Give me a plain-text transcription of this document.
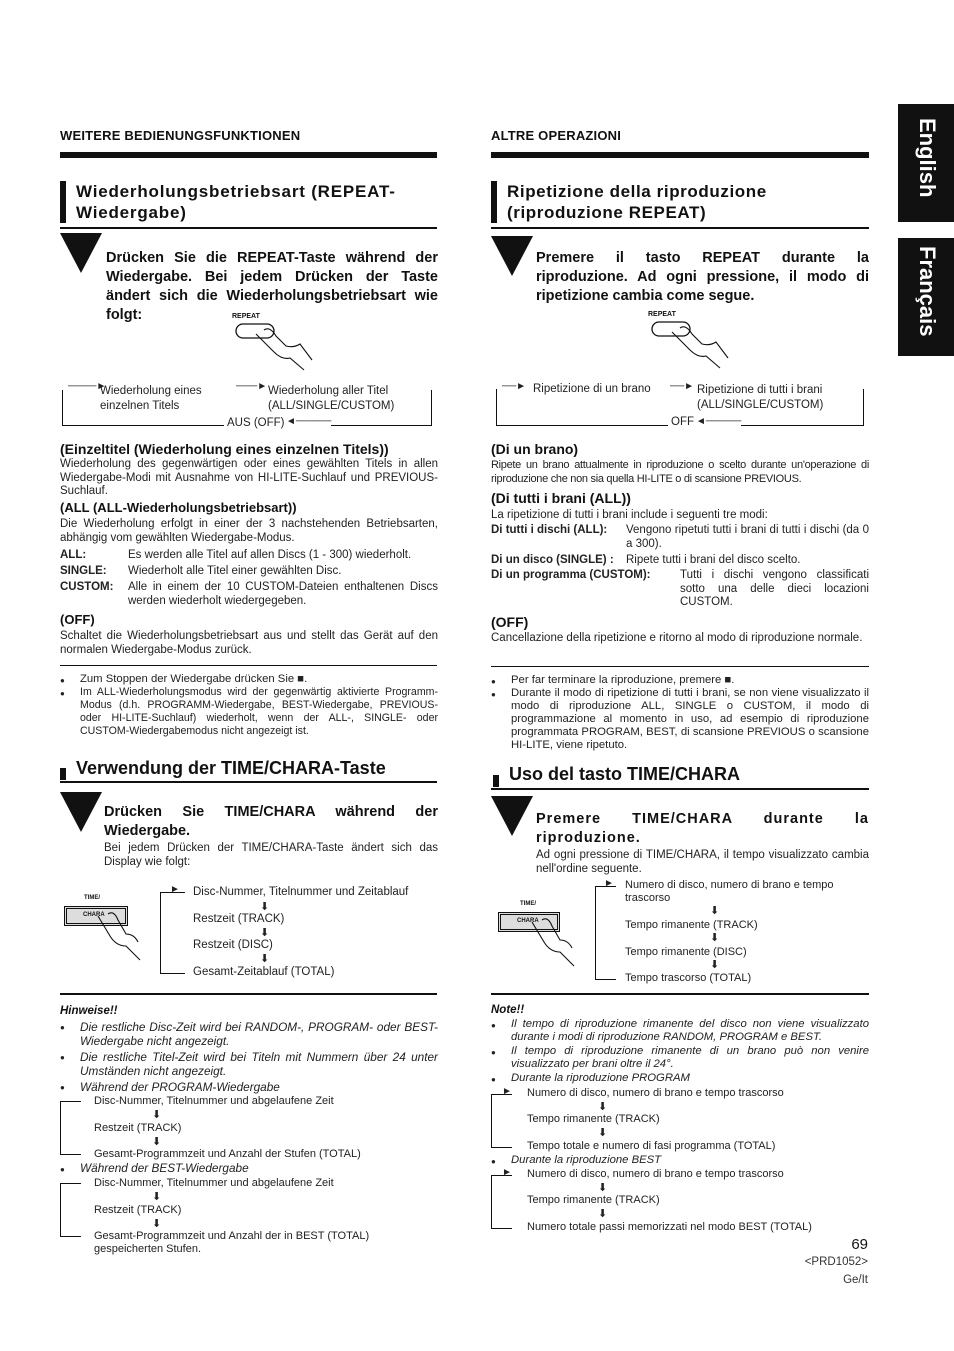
English
Français
WEITERE BEDIENUNGSFUNKTIONEN
Wiederholungsbetriebsart (REPEAT-Wiedergabe)
Drücken Sie die REPEAT-Taste während der Wiedergabe. Bei jedem Drücken der Taste ändert sich die Wiederholungsbetriebsart wie folgt:	REPEAT
Wiederholung eines einzelnen Titels
Wiederholung aller Titel (ALL/SINGLE/CUSTOM)
AUS (OFF)
────►	───►
◄─────
(Einzeltitel (Wiederholung eines einzelnen Titels))
Wiederholung des gegenwärtigen oder eines gewählten Titels in allen Wiedergabe-Modi mit Ausnahme von HI-LITE-Suchlauf und PREVIOUS-Suchlauf.
(ALL (ALL-Wiederholungsbetriebsart))
Die Wiederholung erfolgt in einer der 3 nachstehenden Betriebsarten, abhängig vom gewählten Wiedergabe-Modus.
ALL:	Es werden alle Titel auf allen Discs (1 - 300) wiederholt.
SINGLE: Wiederholt alle Titel einer gewählten Disc.
CUSTOM: Alle in einem der 10 CUSTOM-Dateien enthaltenen Discs werden wiederholt wiedergegeben.
(OFF)
Schaltet die Wiederholungsbetriebsart aus und stellt das Gerät auf den normalen Wiedergabe-Modus zurück.
● Zum Stoppen der Wiedergabe drücken Sie ■.
● Im ALL-Wiederholungsmodus wird der gegenwärtig aktivierte Programm-Modus (d.h. PROGRAMM-Wiedergabe, BEST-Wiedergabe, PREVIOUS-oder HI-LITE-Suchlauf) wiederholt, wenn der ALL-, SINGLE- oder CUSTOM-Wiedergabemodus nicht angezeigt ist.
Verwendung der TIME/CHARA-Taste
Drücken Sie TIME/CHARA während der Wiedergabe.
Bei jedem Drücken der TIME/CHARA-Taste ändert sich das Display wie folgt:
TIME/
CHARA
Disc-Nummer, Titelnummer und Zeitablauf
⬇
Restzeit (TRACK)
⬇
Restzeit (DISC)
⬇
Gesamt-Zeitablauf (TOTAL)
►
Hinweise!!
● Die restliche Disc-Zeit wird bei RANDOM-, PROGRAM- oder BEST-Wiedergabe nicht angezeigt.
● Die restliche Titel-Zeit wird bei Titeln mit Nummern über 24 unter Umständen nicht angezeigt.
● Während der PROGRAM-Wiedergabe
Disc-Nummer, Titelnummer und abgelaufene Zeit
⬇
Restzeit (TRACK)
⬇
Gesamt-Programmzeit und Anzahl der Stufen (TOTAL)
● Während der BEST-Wiedergabe
Disc-Nummer, Titelnummer und abgelaufene Zeit
⬇
Restzeit (TRACK)
⬇
Gesamt-Programmzeit und Anzahl der in BEST (TOTAL) gespeicherten Stufen.
ALTRE OPERAZIONI
Ripetizione della riproduzione (riproduzione REPEAT)
Premere il tasto REPEAT durante la riproduzione. Ad ogni pressione, il modo di ripetizione cambia come segue.
REPEAT
Ripetizione di un brano	Ripetizione di tutti i brani (ALL/SINGLE/CUSTOM)
OFF
──►	──►
◄─────
(Di un brano)
Ripete un brano attualmente in riproduzione o scelto durante un'operazione di riproduzione che non sia quella HI-LITE o di scansione PREVIOUS.
(Di tutti i brani (ALL))
La ripetizione di tutti i brani include i seguenti tre modi:
Di tutti i dischi (ALL): Vengono ripetuti tutti i brani di tutti i dischi (da 0 a 300).
Di un disco (SINGLE) : Ripete tutti i brani del disco scelto.
Di un programma (CUSTOM):	Tutti i dischi vengono classificati sotto una delle dieci locazioni CUSTOM.
(OFF)
Cancellazione della ripetizione e ritorno al modo di riproduzione normale.
● Per far terminare la riproduzione, premere ■.
● Durante il modo di ripetizione di tutti i brani, se non viene visualizzato il modo di riproduzione ALL, SINGLE o CUSTOM, il modo di programmazione al momento in uso, ad esempio di riproduzione programmata PROGRAM, BEST, di scansione PREVIOUS o scansione HI-LITE, viene ripetuto.
Uso del tasto TIME/CHARA
Premere TIME/CHARA durante la riproduzione.
Ad ogni pressione di TIME/CHARA, il tempo visualizzato cambia nell'ordine seguente.
TIME/
CHARA
► Numero di disco, numero di brano e tempo trascorso
⬇
Tempo rimanente (TRACK)
⬇
Tempo rimanente (DISC)
⬇
Tempo trascorso (TOTAL)
Note!!
● Il tempo di riproduzione rimanente del disco non viene visualizzato durante i modi di riproduzione RANDOM, PROGRAM e BEST.
● Il tempo di riproduzione rimanente di un brano può non venire visualizzato per brani oltre il 24°.
● Durante la riproduzione PROGRAM
► Numero di disco, numero di brano e tempo trascorso
⬇
Tempo rimanente (TRACK)
⬇
Tempo totale e numero di fasi programma (TOTAL)
● Durante la riproduzione BEST
► Numero di disco, numero di brano e tempo trascorso
⬇
Tempo rimanente (TRACK)
⬇
Numero totale passi memorizzati nel modo BEST (TOTAL)
69
<PRD1052>
Ge/It
